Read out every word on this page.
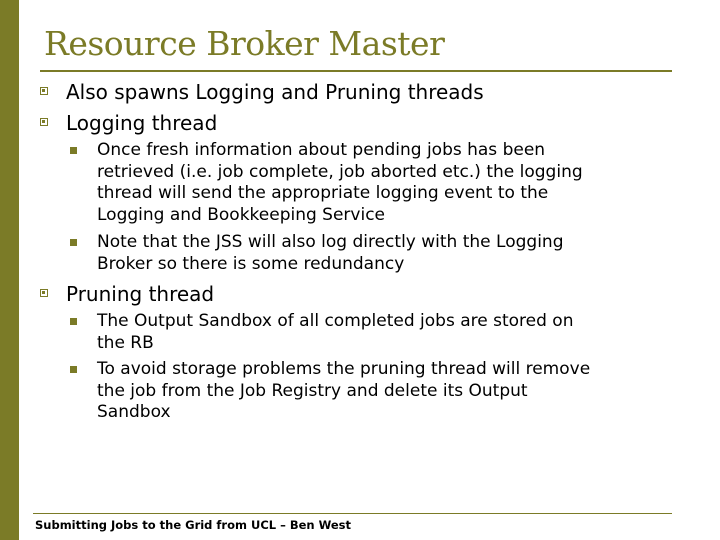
Resource Broker Master
Also spawns Logging and Pruning threads
Logging thread
Once fresh information about pending jobs has been
retrieved (i.e. job complete, job aborted etc.) the logging
thread will send the appropriate logging event to the
Logging and Bookkeeping Service
Note that the JSS will also log directly with the Logging
Broker so there is some redundancy
Pruning thread
The Output Sandbox of all completed jobs are stored on
the RB
To avoid storage problems the pruning thread will remove
the job from the Job Registry and delete its Output
Sandbox
Submitting Jobs to the Grid from UCL – Ben West
